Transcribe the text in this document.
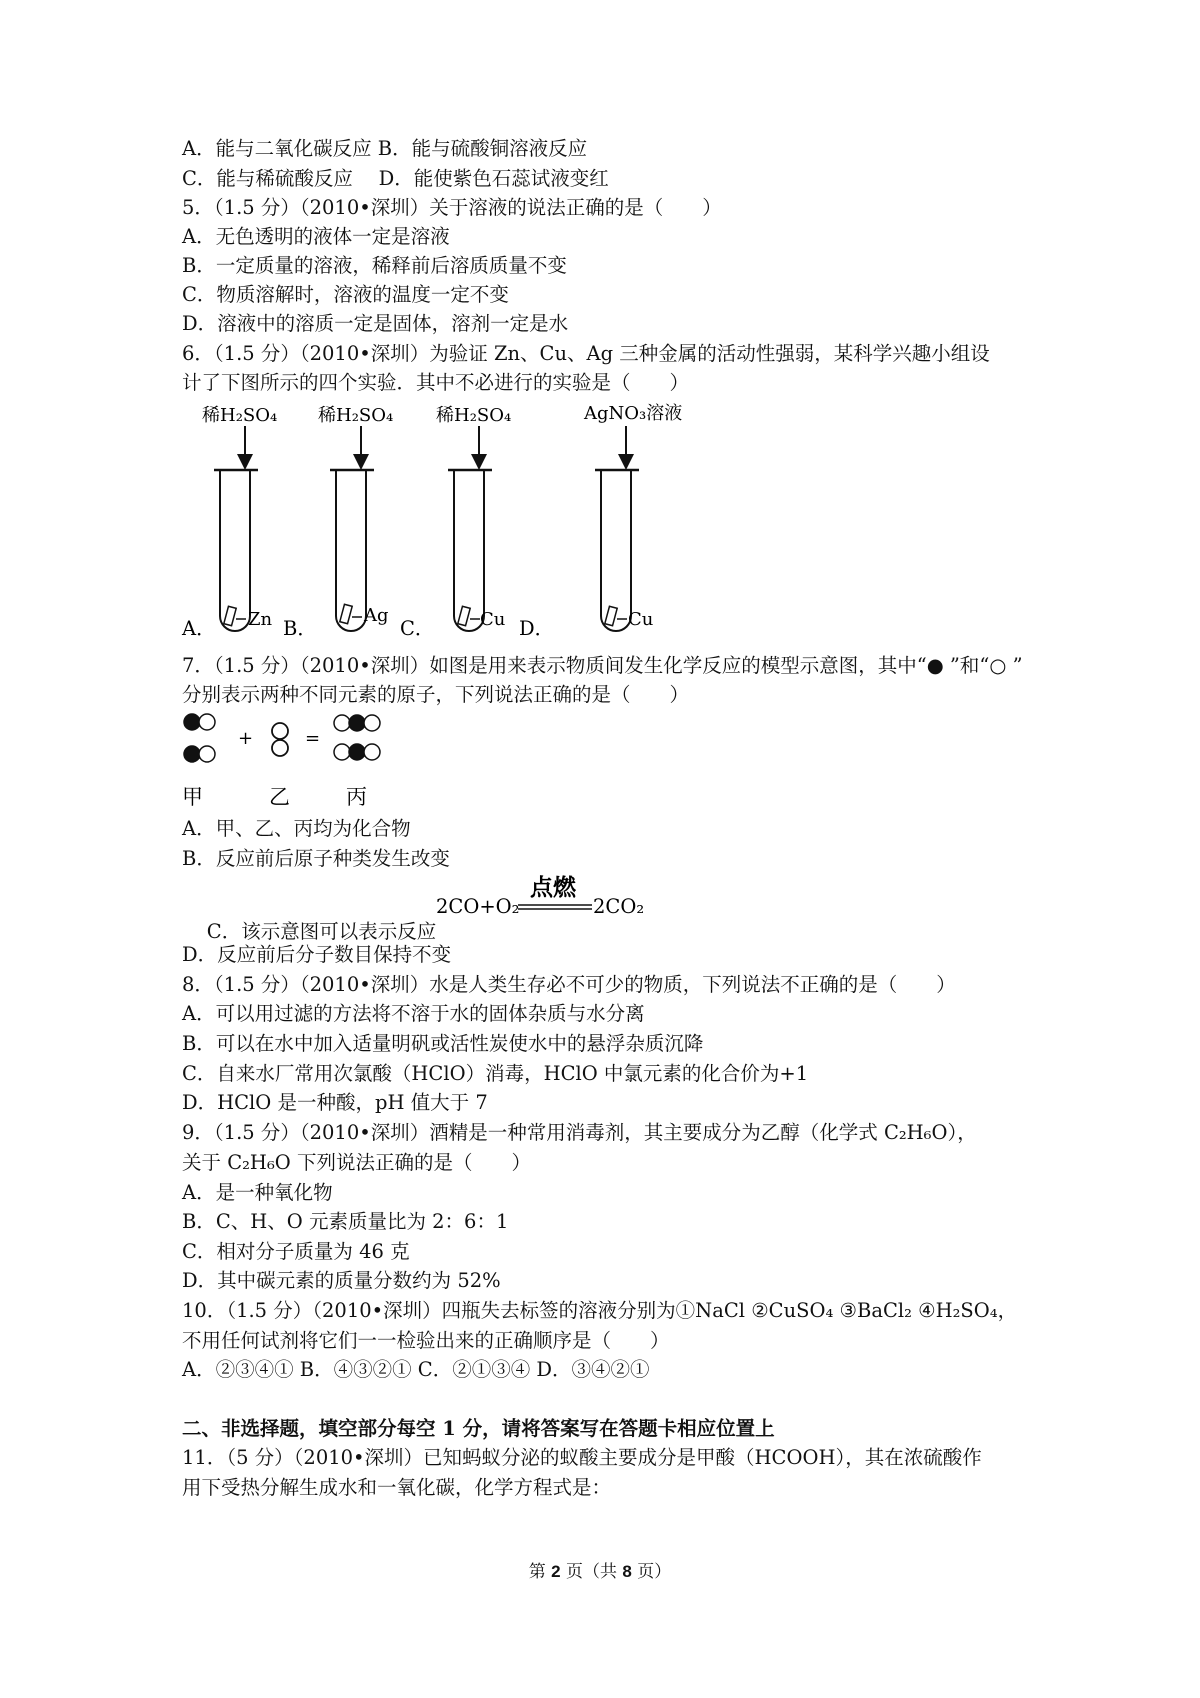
A．能与二氧化碳反应 B．能与硫酸铜溶液反应
C．能与稀硫酸反应　 D．能使紫色石蕊试液变红
5．（1.5 分）（2010•深圳）关于溶液的说法正确的是（　　）
A．无色透明的液体一定是溶液
B．一定质量的溶液，稀释前后溶质质量不变
C．物质溶解时，溶液的温度一定不变
D．溶液中的溶质一定是固体，溶剂一定是水
6．（1.5 分）（2010•深圳）为验证 Zn、Cu、Ag 三种金属的活动性强弱，某科学兴趣小组设
计了下图所示的四个实验．其中不必进行的实验是（　　）
稀H₂SO₄
Zn
A．
稀H₂SO₄
Ag
B．
稀H₂SO₄
Cu
C．
AgNO₃溶液
Cu
D．
7．（1.5 分）（2010•深圳）如图是用来表示物质间发生化学反应的模型示意图，其中“● ”和“○ ”
分别表示两种不同元素的原子，下列说法正确的是（　　）
+	=
甲	乙	丙
A．甲、乙、丙均为化合物
B．反应前后原子种类发生改变

C．该示意图可以表示反应

2CO+O₂
点燃
2CO₂
D．反应前后分子数目保持不变
8．（1.5 分）（2010•深圳）水是人类生存必不可少的物质，下列说法不正确的是（　　）
A．可以用过滤的方法将不溶于水的固体杂质与水分离
B．可以在水中加入适量明矾或活性炭使水中的悬浮杂质沉降
C．自来水厂常用次氯酸（HClO）消毒，HClO 中氯元素的化合价为+1
D．HClO 是一种酸，pH 值大于 7
9．（1.5 分）（2010•深圳）酒精是一种常用消毒剂，其主要成分为乙醇（化学式 C₂H₆O），
关于 C₂H₆O 下列说法正确的是（　　）
A．是一种氧化物
B．C、H、O 元素质量比为 2：6：1
C．相对分子质量为 46 克
D．其中碳元素的质量分数约为 52%
10．（1.5 分）（2010•深圳）四瓶失去标签的溶液分别为①NaCl ②CuSO₄ ③BaCl₂ ④H₂SO₄，
不用任何试剂将它们一一检验出来的正确顺序是（　　）
A．②③④① B．④③②① C．②①③④ D．③④②①
二、非选择题，填空部分每空 1 分，请将答案写在答题卡相应位置上
11．（5 分）（2010•深圳）已知蚂蚁分泌的蚁酸主要成分是甲酸（HCOOH），其在浓硫酸作
用下受热分解生成水和一氧化碳，化学方程式是：
第 2 页（共 8 页）
